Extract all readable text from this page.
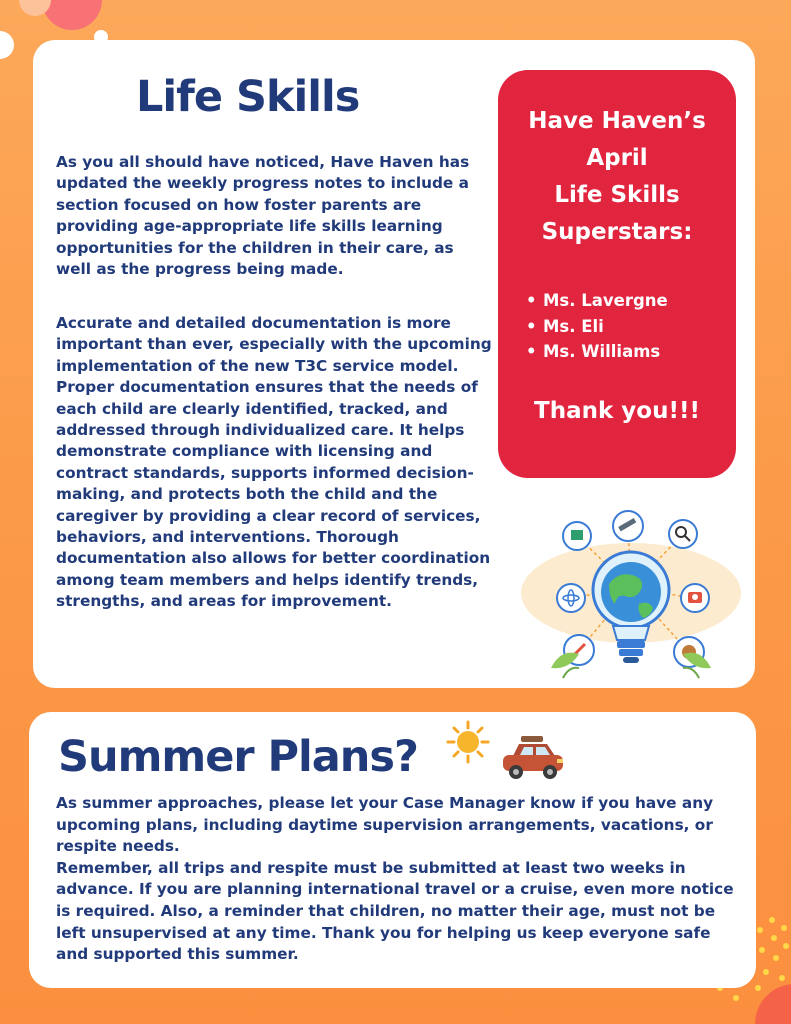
Life Skills

As you all should have noticed, Have Haven has updated the weekly progress notes to include a section focused on how foster parents are providing age-appropriate life skills learning opportunities for the children in their care, as well as the progress being made.

Accurate and detailed documentation is more important than ever, especially with the upcoming implementation of the new T3C service model. Proper documentation ensures that the needs of each child are clearly identified, tracked, and addressed through individualized care. It helps demonstrate compliance with licensing and contract standards, supports informed decision-making, and protects both the child and the caregiver by providing a clear record of services, behaviors, and interventions. Thorough documentation also allows for better coordination among team members and helps identify trends, strengths, and areas for improvement.

Have Haven’s
April
Life Skills
Superstars:

• Ms. Lavergne
• Ms. Eli
• Ms. Williams

Thank you!!!

Summer Plans?

As summer approaches, please let your Case Manager know if you have any upcoming plans, including daytime supervision arrangements, vacations, or respite needs.
Remember, all trips and respite must be submitted at least two weeks in advance. If you are planning international travel or a cruise, even more notice is required. Also, a reminder that children, no matter their age, must not be left unsupervised at any time. Thank you for helping us keep everyone safe and supported this summer.
